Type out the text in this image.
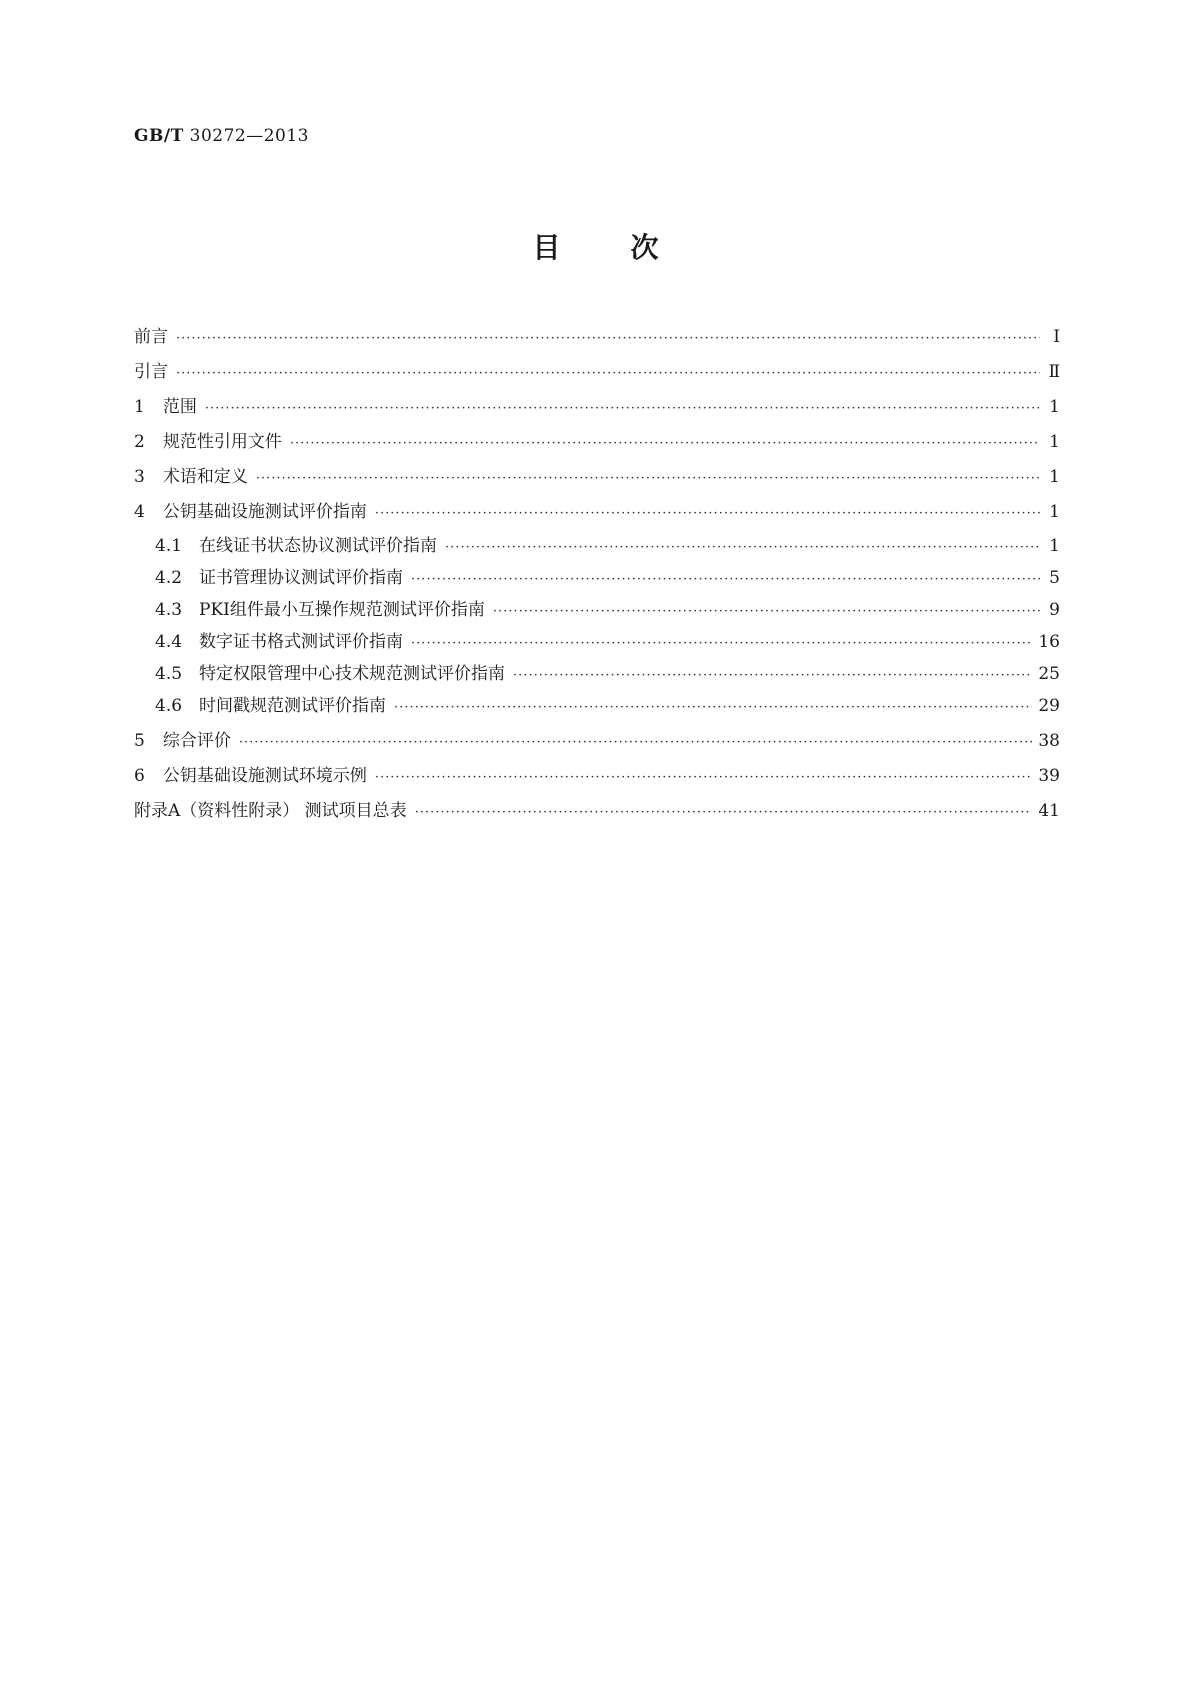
GB/T 30272—2013
目次
前言 ·····	Ⅰ
引言 ·····	Ⅱ
1 范围 ·····	1
2 规范性引用文件 ·····	1
3 术语和定义 ·····	1
4 公钥基础设施测试评价指南 ·····	1
4.1 在线证书状态协议测试评价指南 ·····	1
4.2 证书管理协议测试评价指南 ·····	5
4.3 PKI组件最小互操作规范测试评价指南 ·····	9
4.4 数字证书格式测试评价指南 ·····	16
4.5 特定权限管理中心技术规范测试评价指南 ·····	25
4.6 时间戳规范测试评价指南 ·····	29
5 综合评价 ·····	38
6 公钥基础设施测试环境示例 ·····	39
附录A（资料性附录） 测试项目总表 ·····	41
